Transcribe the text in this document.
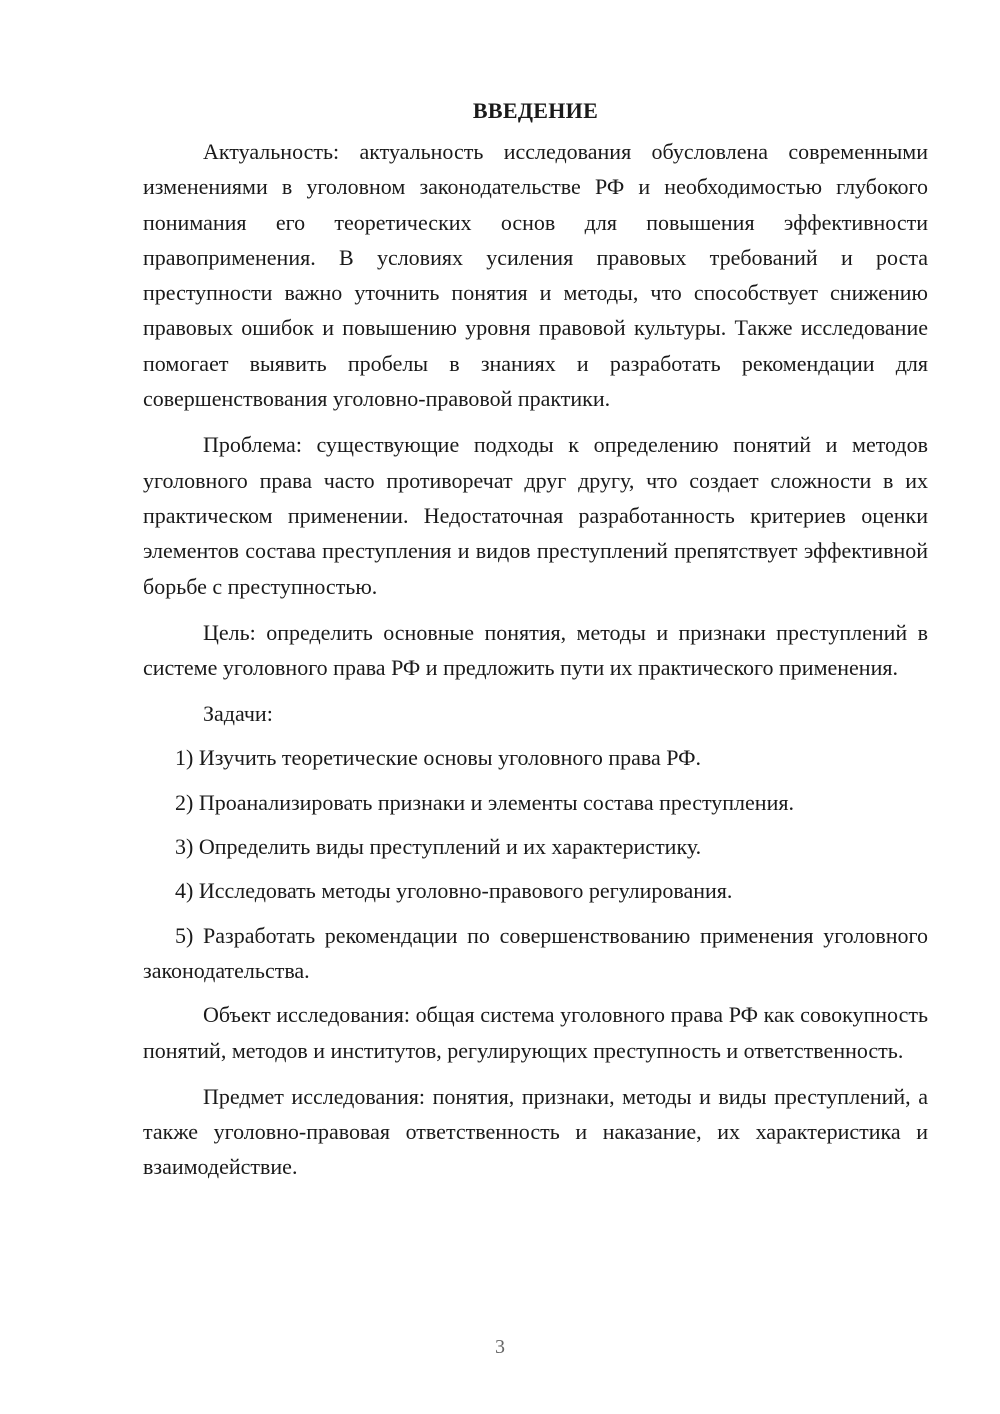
ВВЕДЕНИЕ

Актуальность: актуальность исследования обусловлена современными изменениями в уголовном законодательстве РФ и необходимостью глубокого понимания его теоретических основ для повышения эффективности правоприменения. В условиях усиления правовых требований и роста преступности важно уточнить понятия и методы, что способствует снижению правовых ошибок и повышению уровня правовой культуры. Также исследование помогает выявить пробелы в знаниях и разработать рекомендации для совершенствования уголовно-правовой практики.

Проблема: существующие подходы к определению понятий и методов уголовного права часто противоречат друг другу, что создает сложности в их практическом применении. Недостаточная разработанность критериев оценки элементов состава преступления и видов преступлений препятствует эффективной борьбе с преступностью.

Цель: определить основные понятия, методы и признаки преступлений в системе уголовного права РФ и предложить пути их практического применения.

Задачи:

1) Изучить теоретические основы уголовного права РФ.

2) Проанализировать признаки и элементы состава преступления.

3) Определить виды преступлений и их характеристику.

4) Исследовать методы уголовно-правового регулирования.

5) Разработать рекомендации по совершенствованию применения уголовного законодательства.

Объект исследования: общая система уголовного права РФ как совокупность понятий, методов и институтов, регулирующих преступность и ответственность.

Предмет исследования: понятия, признаки, методы и виды преступлений, а также уголовно-правовая ответственность и наказание, их характеристика и взаимодействие.

3
